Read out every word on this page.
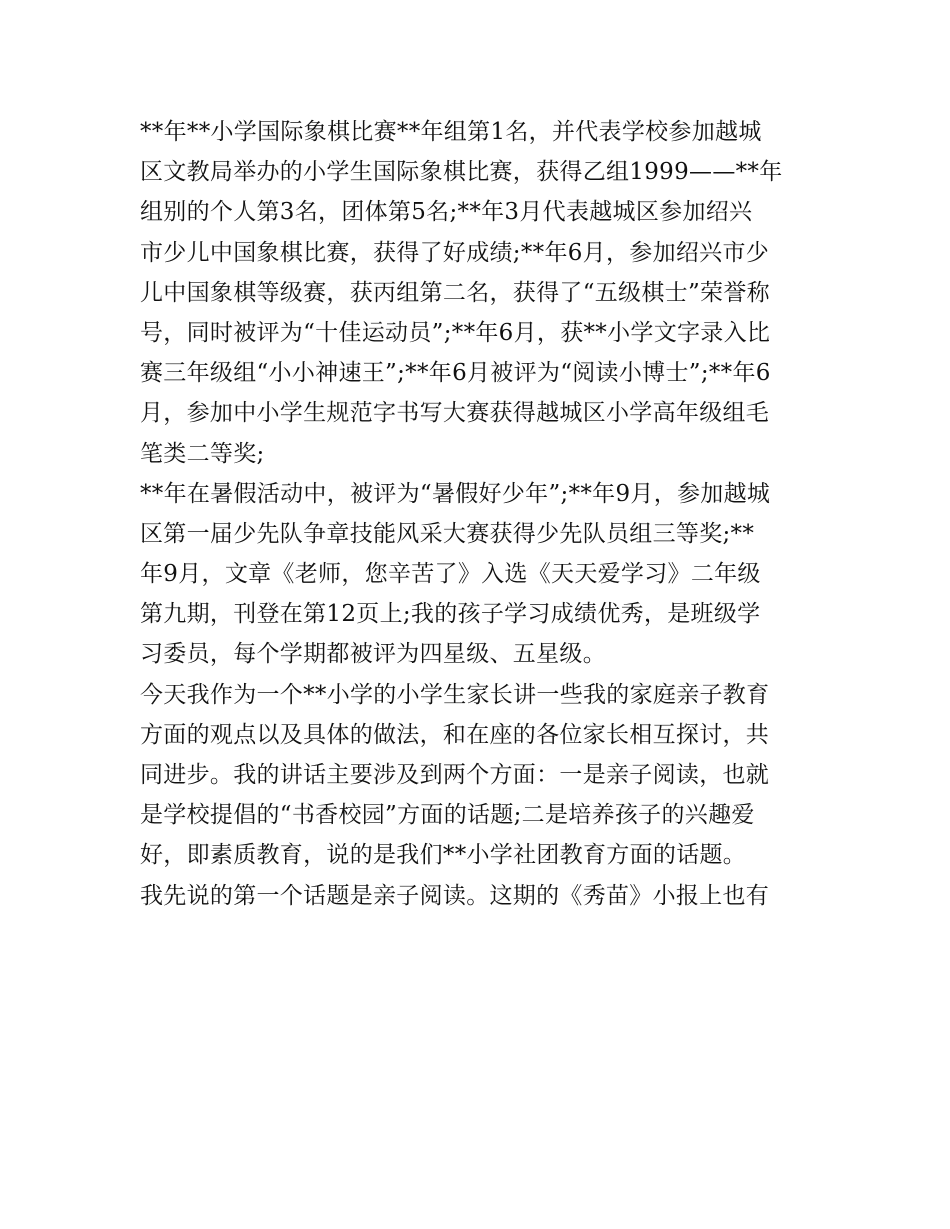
**年**小学国际象棋比赛**年组第1名，并代表学校参加越城
区文教局举办的小学生国际象棋比赛，获得乙组1999——**年
组别的个人第3名，团体第5名;**年3月代表越城区参加绍兴
市少儿中国象棋比赛，获得了好成绩;**年6月，参加绍兴市少
儿中国象棋等级赛，获丙组第二名，获得了“五级棋士”荣誉称
号，同时被评为“十佳运动员”;**年6月，获**小学文字录入比
赛三年级组“小小神速王”;**年6月被评为“阅读小博士”;**年6
月，参加中小学生规范字书写大赛获得越城区小学高年级组毛
笔类二等奖;
**年在暑假活动中，被评为“暑假好少年”;**年9月，参加越城
区第一届少先队争章技能风采大赛获得少先队员组三等奖;**
年9月，文章《老师，您辛苦了》入选《天天爱学习》二年级
第九期，刊登在第12页上;我的孩子学习成绩优秀，是班级学
习委员，每个学期都被评为四星级、五星级。
今天我作为一个**小学的小学生家长讲一些我的家庭亲子教育
方面的观点以及具体的做法，和在座的各位家长相互探讨，共
同进步。我的讲话主要涉及到两个方面：一是亲子阅读，也就
是学校提倡的“书香校园”方面的话题;二是培养孩子的兴趣爱
好，即素质教育，说的是我们**小学社团教育方面的话题。
我先说的第一个话题是亲子阅读。这期的《秀苗》小报上也有
